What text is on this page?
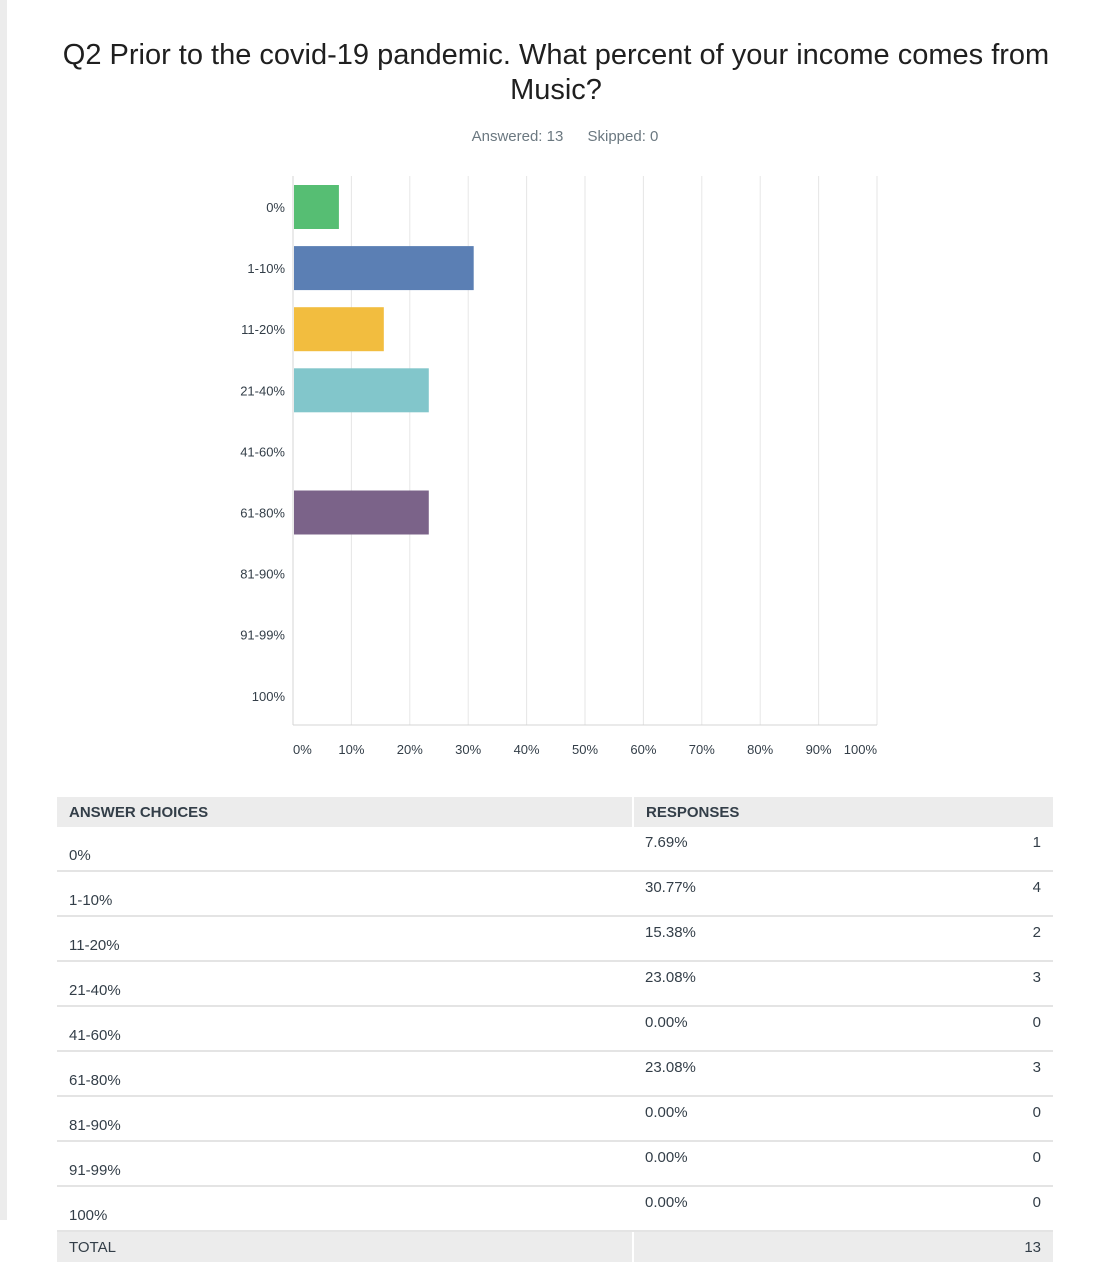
Q2 Prior to the covid-19 pandemic. What percent of your income comes from Music?
Answered: 13 Skipped: 0
0%
1-10%
11-20%
21-40%
41-60%
61-80%
81-90%
91-99%
100%
0% 10% 20% 30% 40% 50% 60% 70% 80% 90% 100%
ANSWER CHOICES	RESPONSES	
0%	7.69%	1
1-10%	30.77%	4
11-20%	15.38%	2
21-40%	23.08%	3
41-60%	0.00%	0
61-80%	23.08%	3
81-90%	0.00%	0
91-99%	0.00%	0
100%	0.00%	0
TOTAL		13
